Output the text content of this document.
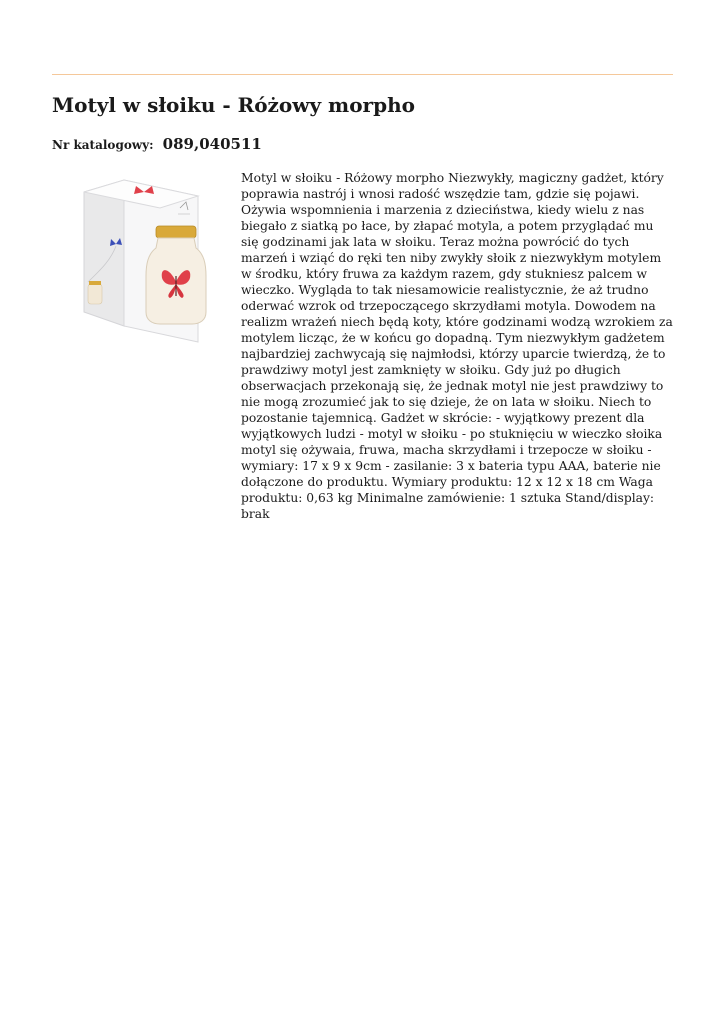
Motyl w słoiku - Różowy morpho
Nr katalogowy: 089,040511

Motyl w słoiku - Różowy morpho Niezwykły, magiczny gadżet, który poprawia nastrój i wnosi radość wszędzie tam, gdzie się pojawi. Ożywia wspomnienia i marzenia z dzieciństwa, kiedy wielu z nas biegało z siatką po łace, by złapać motyla, a potem przyglądać mu się godzinami jak lata w słoiku. Teraz można powrócić do tych marzeń i wziąć do ręki ten niby zwykły słoik z niezwykłym motylem w środku, który fruwa za każdym razem, gdy stukniesz palcem w wieczko. Wygląda to tak niesamowicie realistycznie, że aż trudno oderwać wzrok od trzepoczącego skrzydłami motyla. Dowodem na realizm wrażeń niech będą koty, które godzinami wodzą wzrokiem za motylem licząc, że w końcu go dopadną. Tym niezwykłym gadżetem najbardziej zachwycają się najmłodsi, którzy uparcie twierdzą, że to prawdziwy motyl jest zamknięty w słoiku. Gdy już po długich obserwacjach przekonają się, że jednak motyl nie jest prawdziwy to nie mogą zrozumieć jak to się dzieje, że on lata w słoiku. Niech to pozostanie tajemnicą. Gadżet w skrócie: - wyjątkowy prezent dla wyjątkowych ludzi - motyl w słoiku - po stuknięciu w wieczko słoika motyl się ożywaia, fruwa, macha skrzydłami i trzepocze w słoiku - wymiary: 17 x 9 x 9cm - zasilanie: 3 x bateria typu AAA, baterie nie dołączone do produktu. Wymiary produktu: 12 x 12 x 18 cm Waga produktu: 0,63 kg Minimalne zamówienie: 1 sztuka Stand/display: brak
